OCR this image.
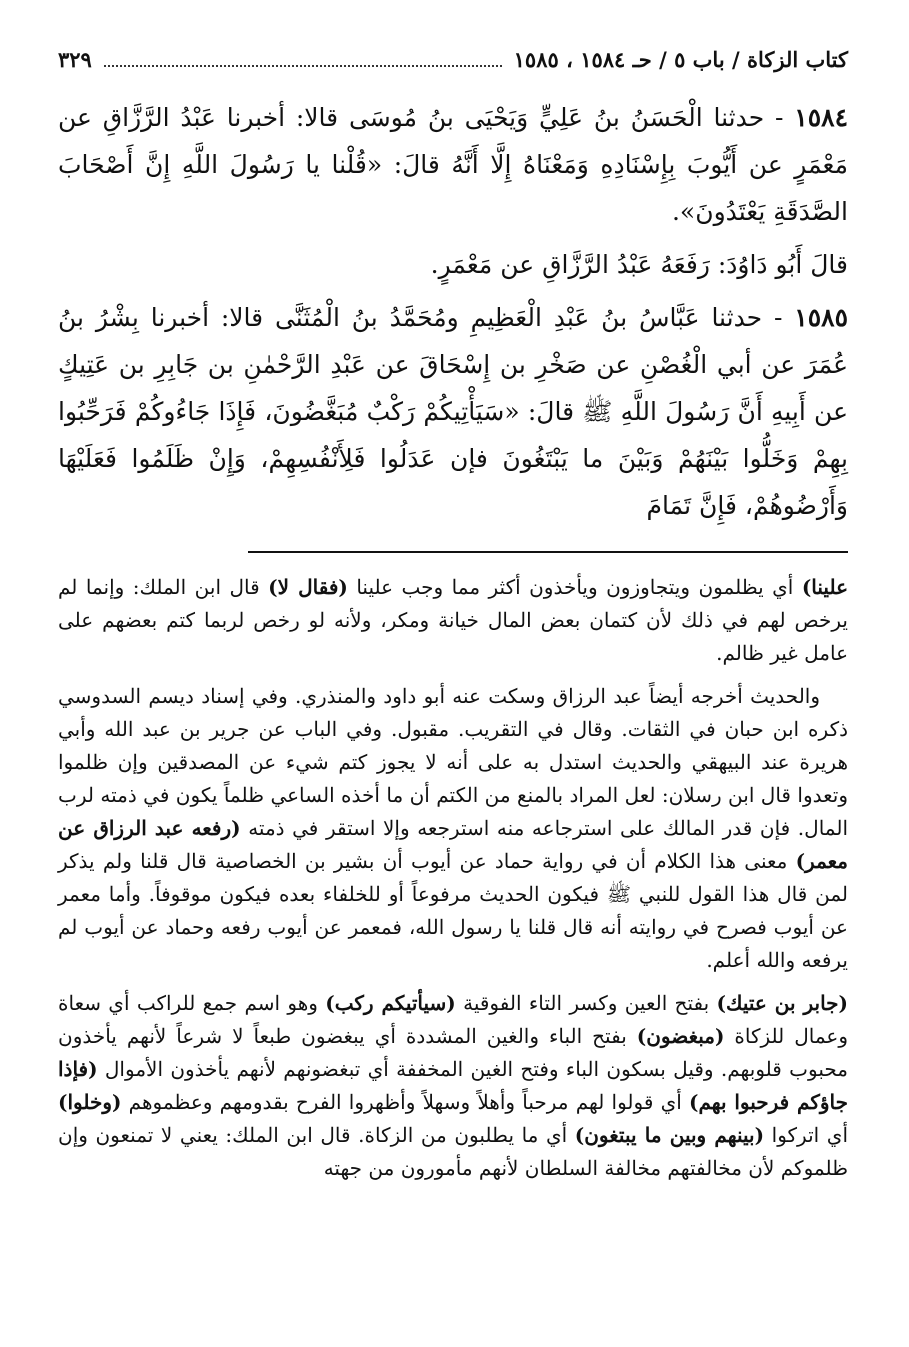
كتاب الزكاة / باب ٥ / حـ ١٥٨٤ ، ١٥٨٥
٣٢٩

١٥٨٤ - حدثنا الْحَسَنُ بنُ عَلِيٍّ وَيَحْيَى بنُ مُوسَى قالا: أخبرنا عَبْدُ الرَّزَّاقِ عن مَعْمَرٍ عن أَيُّوبَ بِإِسْنَادِهِ وَمَعْنَاهُ إِلَّا أَنَّهُ قالَ: «قُلْنا يا رَسُولَ اللَّهِ إِنَّ أَصْحَابَ الصَّدَقَةِ يَعْتَدُونَ».

قالَ أَبُو دَاوُدَ: رَفَعَهُ عَبْدُ الرَّزَّاقِ عن مَعْمَرٍ.

١٥٨٥ - حدثنا عَبَّاسُ بنُ عَبْدِ الْعَظِيمِ ومُحَمَّدُ بنُ الْمُثَنَّى قالا: أخبرنا بِشْرُ بنُ عُمَرَ عن أبي الْغُصْنِ عن صَخْرِ بن إِسْحَاقَ عن عَبْدِ الرَّحْمٰنِ بن جَابِرِ بن عَتِيكٍ عن أَبِيهِ أَنَّ رَسُولَ اللَّهِ ﷺ قالَ: «سَيَأْتِيكُمْ رَكْبٌ مُبَغَّضُونَ، فَإِذَا جَاءُوكُمْ فَرَحِّبُوا بِهِمْ وَخَلُّوا بَيْنَهُمْ وَبَيْنَ ما يَبْتَغُونَ فإن عَدَلُوا فَلِأَنْفُسِهِمْ، وَإِنْ ظَلَمُوا فَعَلَيْهَا وَأَرْضُوهُمْ، فَإِنَّ تَمَامَ

علينا) أي يظلمون ويتجاوزون ويأخذون أكثر مما وجب علينا (فقال لا) قال ابن الملك: وإنما لم يرخص لهم في ذلك لأن كتمان بعض المال خيانة ومكر، ولأنه لو رخص لربما كتم بعضهم على عامل غير ظالم.

والحديث أخرجه أيضاً عبد الرزاق وسكت عنه أبو داود والمنذري. وفي إسناد ديسم السدوسي ذكره ابن حبان في الثقات. وقال في التقريب. مقبول. وفي الباب عن جرير بن عبد الله وأبي هريرة عند البيهقي والحديث استدل به على أنه لا يجوز كتم شيء عن المصدقين وإن ظلموا وتعدوا قال ابن رسلان: لعل المراد بالمنع من الكتم أن ما أخذه الساعي ظلماً يكون في ذمته لرب المال. فإن قدر المالك على استرجاعه منه استرجعه وإلا استقر في ذمته (رفعه عبد الرزاق عن معمر) معنى هذا الكلام أن في رواية حماد عن أيوب أن بشير بن الخصاصية قال قلنا ولم يذكر لمن قال هذا القول للنبي ﷺ فيكون الحديث مرفوعاً أو للخلفاء بعده فيكون موقوفاً. وأما معمر عن أيوب فصرح في روايته أنه قال قلنا يا رسول الله، فمعمر عن أيوب رفعه وحماد عن أيوب لم يرفعه والله أعلم.

(جابر بن عتيك) بفتح العين وكسر التاء الفوقية (سيأتيكم ركب) وهو اسم جمع للراكب أي سعاة وعمال للزكاة (مبغضون) بفتح الباء والغين المشددة أي يبغضون طبعاً لا شرعاً لأنهم يأخذون محبوب قلوبهم. وقيل بسكون الباء وفتح الغين المخففة أي تبغضونهم لأنهم يأخذون الأموال (فإذا جاؤكم فرحبوا بهم) أي قولوا لهم مرحباً وأهلاً وسهلاً وأظهروا الفرح بقدومهم وعظموهم (وخلوا) أي اتركوا (بينهم وبين ما يبتغون) أي ما يطلبون من الزكاة. قال ابن الملك: يعني لا تمنعون وإن ظلموكم لأن مخالفتهم مخالفة السلطان لأنهم مأمورون من جهته
